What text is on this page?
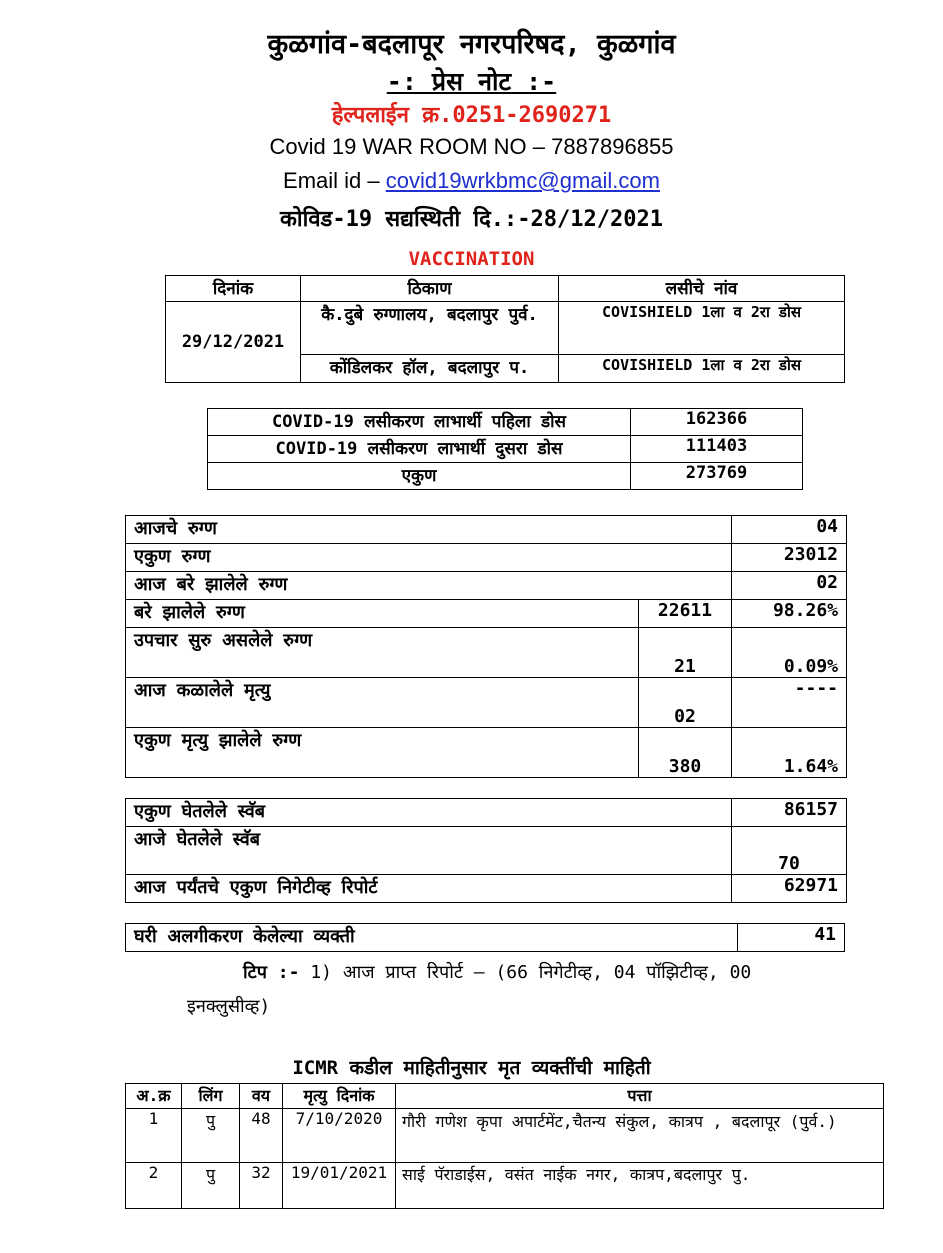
कुळगांव-बदलापूर नगरपरिषद, कुळगांव
-: प्रेस नोट :-
हेल्पलाईन क्र.0251-2690271
Covid 19 WAR ROOM NO – 7887896855
Email id – covid19wrkbmc@gmail.com
कोविड-19 सद्यस्थिती दि.:-28/12/2021
VACCINATION
दिनांक	ठिकाण	लसीचे नांव
29/12/2021	कै.दुबे रुग्णालय, बदलापुर पुर्व.	COVISHIELD 1ला व 2रा डोस
	कोंडिलकर हॉल, बदलापुर प.	COVISHIELD 1ला व 2रा डोस
COVID-19 लसीकरण लाभार्थी पहिला डोस	162366
COVID-19 लसीकरण लाभार्थी दुसरा डोस	111403
एकुण	273769
आजचे रुग्ण		04
एकुण रुग्ण		23012
आज बरे झालेले रुग्ण		02
बरे झालेले रुग्ण	22611	98.26%
उपचार सुरु असलेले रुग्ण	21	0.09%
आज कळालेले मृत्यु	02	----
एकुण मृत्यु झालेले रुग्ण	380	1.64%
एकुण घेतलेले स्वॅब	86157
आजे घेतलेले स्वॅब	70
आज पर्यंतचे एकुण निगेटीव्ह रिपोर्ट	62971
घरी अलगीकरण केलेल्या व्यक्ती	41
टिप :- 1) आज प्राप्त रिपोर्ट – (66 निगेटीव्ह, 04 पॉझिटीव्ह, 00
इनक्लुसीव्ह)
ICMR कडील माहितीनुसार मृत व्यक्तींची माहिती
अ.क्र	लिंग	वय	मृत्यु दिनांक	पत्ता
1	पु	48	7/10/2020	गौरी गणेश कृपा अपार्टमेंट,चैतन्य संकुल, कात्रप , बदलापूर (पुर्व.)
2	पु	32	19/01/2021	साई पॅराडाईस, वसंत नाईक नगर, कात्रप,बदलापुर पु.
